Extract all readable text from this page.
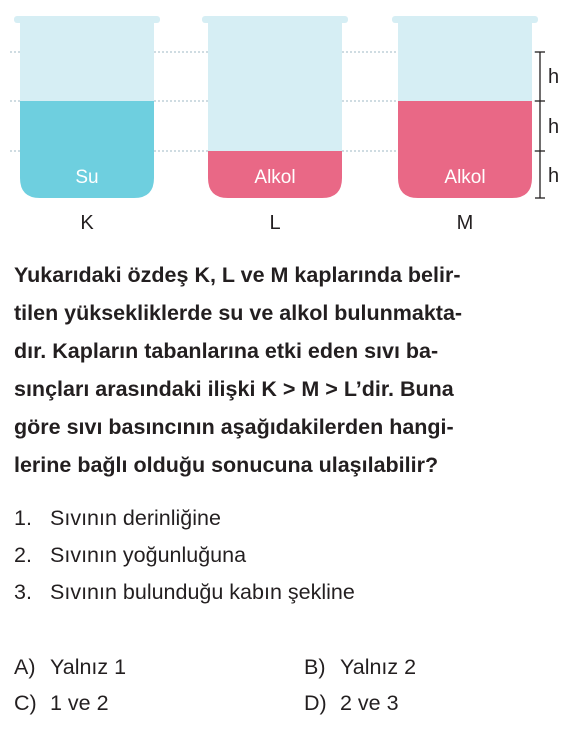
Su
K
Alkol
L
Alkol
M
h
h
h
Yukarıdaki özdeş K, L ve M kaplarında belir-
tilen yüksekliklerde su ve alkol bulunmakta-
dır. Kapların tabanlarına etki eden sıvı ba-
sınçları arasındaki ilişki K > M > L’dir. Buna
göre sıvı basıncının aşağıdakilerden hangi-
lerine bağlı olduğu sonucuna ulaşılabilir?
1. Sıvının derinliğine
2. Sıvının yoğunluğuna
3. Sıvının bulunduğu kabın şekline
A) Yalnız 1	B) Yalnız 2
C) 1 ve 2	D) 2 ve 3
